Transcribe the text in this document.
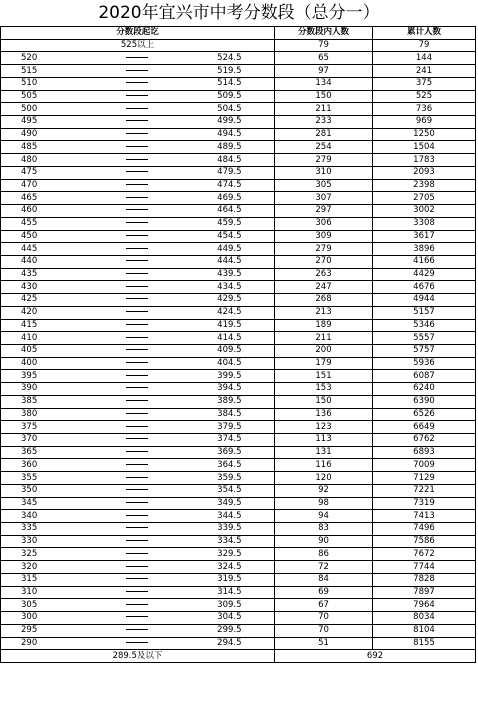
2020年宜兴市中考分数段（总分一）
分数段起讫			分数段内人数	累计人数
525以上			79	79
520		524.5	65	144
515		519.5	97	241
510		514.5	134	375
505		509.5	150	525
500		504.5	211	736
495		499.5	233	969
490		494.5	281	1250
485		489.5	254	1504
480		484.5	279	1783
475		479.5	310	2093
470		474.5	305	2398
465		469.5	307	2705
460		464.5	297	3002
455		459.5	306	3308
450		454.5	309	3617
445		449.5	279	3896
440		444.5	270	4166
435		439.5	263	4429
430		434.5	247	4676
425		429.5	268	4944
420		424.5	213	5157
415		419.5	189	5346
410		414.5	211	5557
405		409.5	200	5757
400		404.5	179	5936
395		399.5	151	6087
390		394.5	153	6240
385		389.5	150	6390
380		384.5	136	6526
375		379.5	123	6649
370		374.5	113	6762
365		369.5	131	6893
360		364.5	116	7009
355		359.5	120	7129
350		354.5	92	7221
345		349.5	98	7319
340		344.5	94	7413
335		339.5	83	7496
330		334.5	90	7586
325		329.5	86	7672
320		324.5	72	7744
315		319.5	84	7828
310		314.5	69	7897
305		309.5	67	7964
300		304.5	70	8034
295		299.5	70	8104
290		294.5	51	8155
289.5及以下			692	
